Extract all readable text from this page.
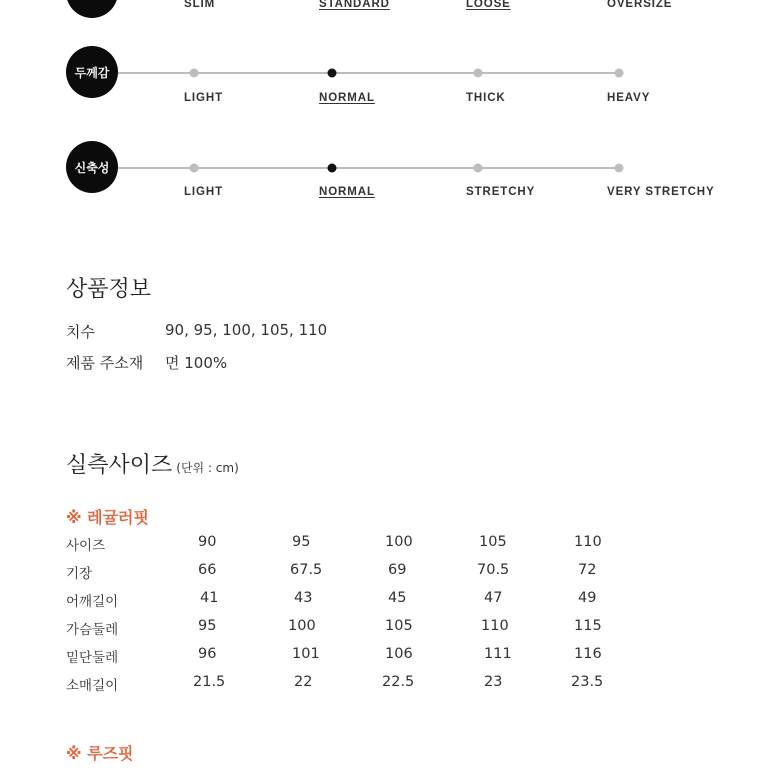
SLIM	STANDARD	LOOSE	OVERSIZE
두께감
LIGHT	NORMAL	THICK	HEAVY
신축성
LIGHT	NORMAL	STRETCHY	VERY STRETCHY
상품정보
치수	90, 95, 100, 105, 110
제품 주소재 면 100%
실측사이즈 (단위 : cm)
※ 레귤러핏
사이즈	90	95	100	105	110
기장	66	67.5	69	70.5	72
어깨길이	41	43	45	47	49
가슴둘레	95	100	105	110	115
밑단둘레	96	101	106	111	116
소매길이	21.5	22	22.5	23	23.5
※ 루즈핏
